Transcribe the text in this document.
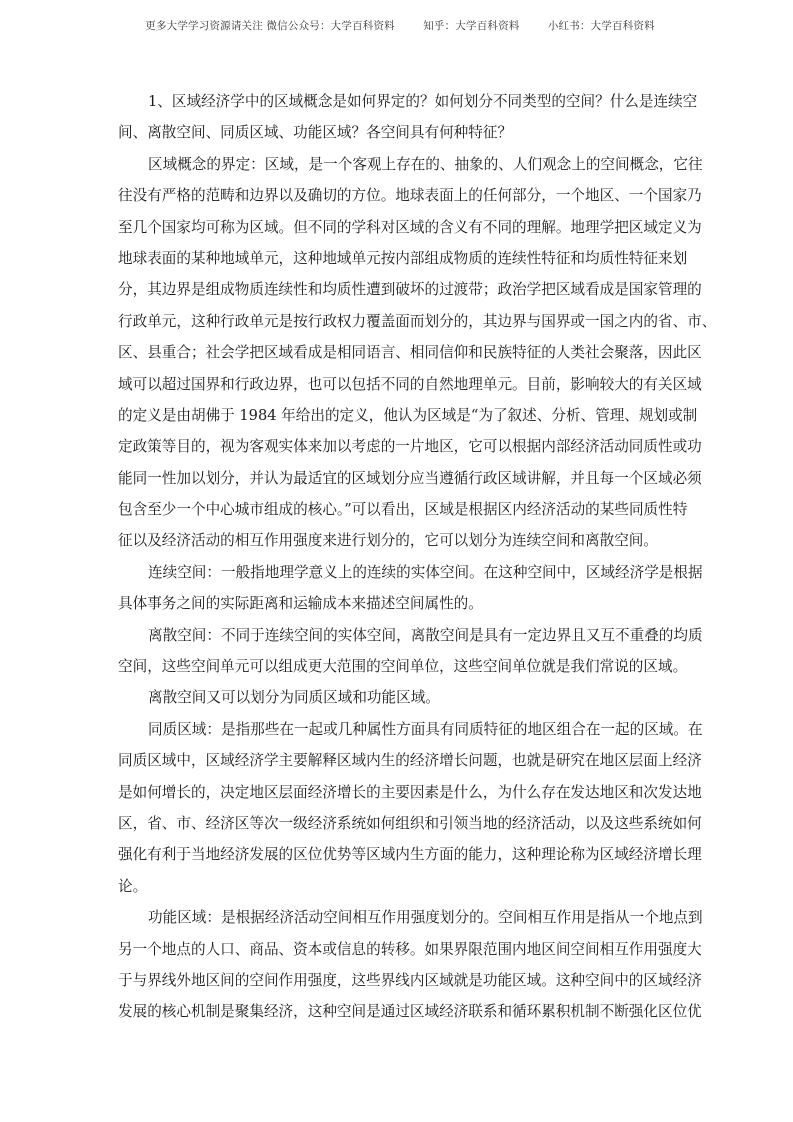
更多大学学习资源请关注 微信公众号：大学百科资料	知乎：大学百科资料	小红书：大学百科资料

1、区域经济学中的区域概念是如何界定的？如何划分不同类型的空间？什么是连续空
间、离散空间、同质区域、功能区域？各空间具有何种特征？
区域概念的界定：区域，是一个客观上存在的、抽象的、人们观念上的空间概念，它往
往没有严格的范畴和边界以及确切的方位。地球表面上的任何部分，一个地区、一个国家乃
至几个国家均可称为区域。但不同的学科对区域的含义有不同的理解。地理学把区域定义为
地球表面的某种地域单元，这种地域单元按内部组成物质的连续性特征和均质性特征来划
分，其边界是组成物质连续性和均质性遭到破坏的过渡带；政治学把区域看成是国家管理的
行政单元，这种行政单元是按行政权力覆盖面而划分的，其边界与国界或一国之内的省、市、
区、县重合；社会学把区域看成是相同语言、相同信仰和民族特征的人类社会聚落，因此区
域可以超过国界和行政边界，也可以包括不同的自然地理单元。目前，影响较大的有关区域
的定义是由胡佛于 1984 年给出的定义，他认为区域是“为了叙述、分析、管理、规划或制
定政策等目的，视为客观实体来加以考虑的一片地区，它可以根据内部经济活动同质性或功
能同一性加以划分，并认为最适宜的区域划分应当遵循行政区域讲解，并且每一个区域必须
包含至少一个中心城市组成的核心。”可以看出，区域是根据区内经济活动的某些同质性特
征以及经济活动的相互作用强度来进行划分的，它可以划分为连续空间和离散空间。
连续空间：一般指地理学意义上的连续的实体空间。在这种空间中，区域经济学是根据
具体事务之间的实际距离和运输成本来描述空间属性的。
离散空间：不同于连续空间的实体空间，离散空间是具有一定边界且又互不重叠的均质
空间，这些空间单元可以组成更大范围的空间单位，这些空间单位就是我们常说的区域。
离散空间又可以划分为同质区域和功能区域。
同质区域：是指那些在一起或几种属性方面具有同质特征的地区组合在一起的区域。在
同质区域中，区域经济学主要解释区域内生的经济增长问题，也就是研究在地区层面上经济
是如何增长的，决定地区层面经济增长的主要因素是什么，为什么存在发达地区和次发达地
区，省、市、经济区等次一级经济系统如何组织和引领当地的经济活动，以及这些系统如何
强化有利于当地经济发展的区位优势等区域内生方面的能力，这种理论称为区域经济增长理
论。
功能区域：是根据经济活动空间相互作用强度划分的。空间相互作用是指从一个地点到
另一个地点的人口、商品、资本或信息的转移。如果界限范围内地区间空间相互作用强度大
于与界线外地区间的空间作用强度，这些界线内区域就是功能区域。这种空间中的区域经济
发展的核心机制是聚集经济，这种空间是通过区域经济联系和循环累积机制不断强化区位优
